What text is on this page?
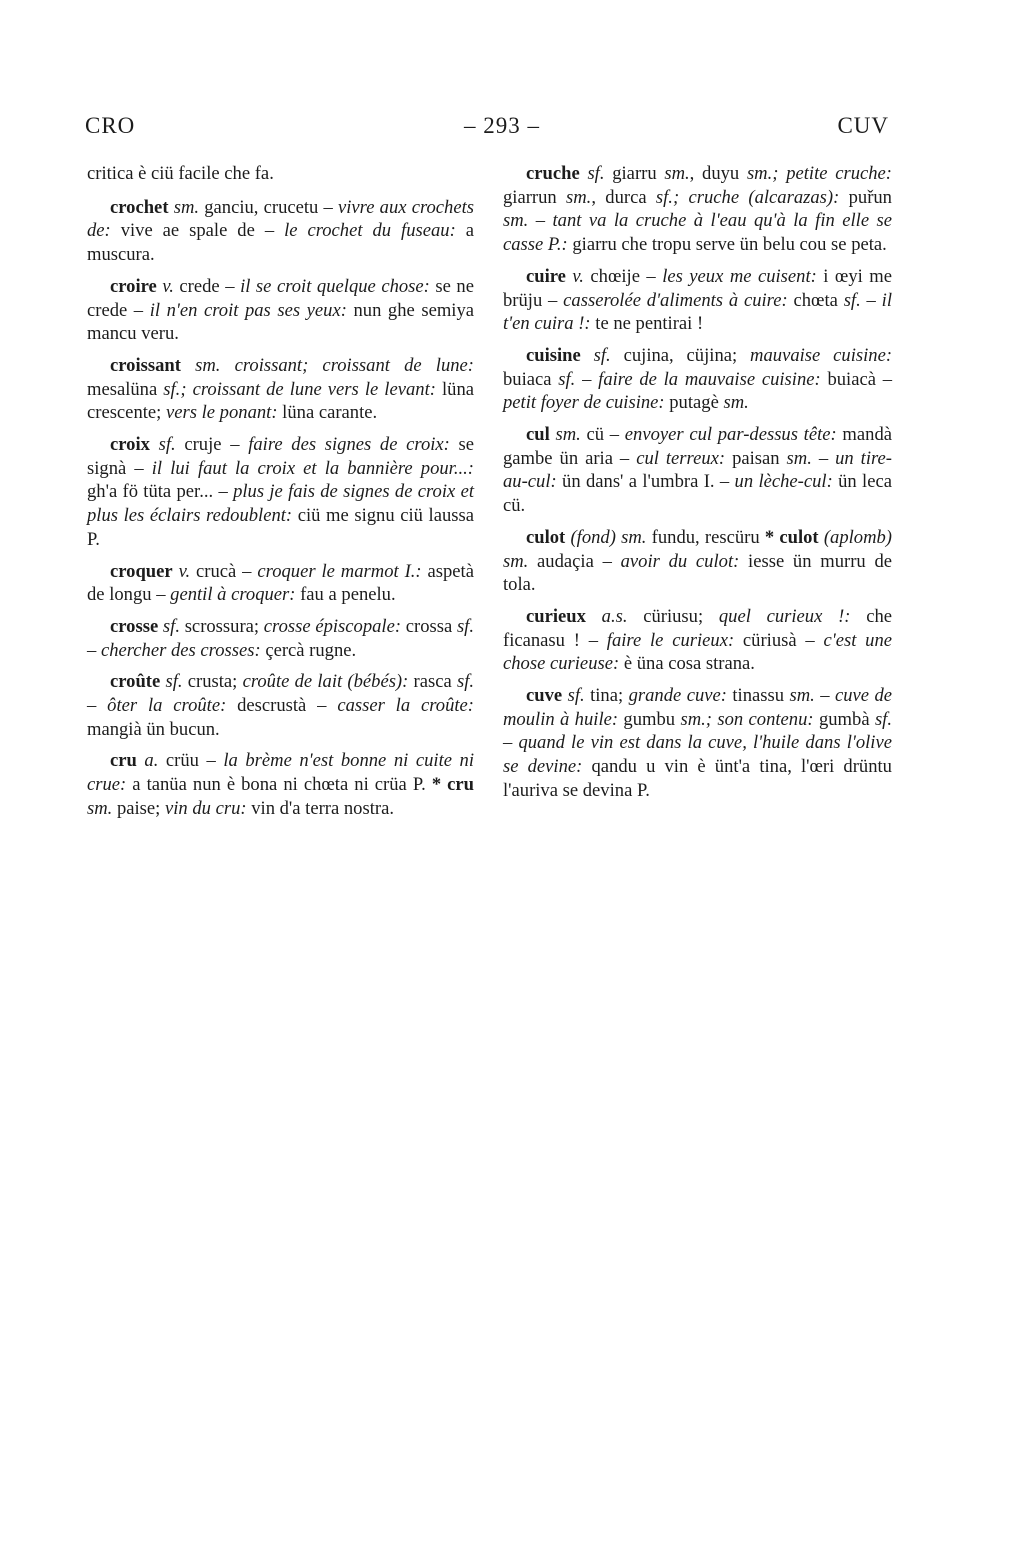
CRO	– 293 –	CUV

critica è ciü facile che fa.

crochet sm. ganciu, crucetu – vivre aux crochets de: vive ae spale de – le crochet du fuseau: a muscura.

croire v. crede – il se croit quelque chose: se ne crede – il n'en croit pas ses yeux: nun ghe semiya mancu veru.

croissant sm. croissant; croissant de lune: mesalüna sf.; croissant de lune vers le levant: lüna crescente; vers le ponant: lüna carante.

croix sf. cruje – faire des signes de croix: se signà – il lui faut la croix et la bannière pour...: gh'a fö tüta per... – plus je fais de signes de croix et plus les éclairs redoublent: ciü me signu ciü laussa P.

croquer v. crucà – croquer le marmot I.: aspetà de longu – gentil à croquer: fau a penelu.

crosse sf. scrossura; crosse épiscopale: crossa sf. – chercher des crosses: çercà rugne.

croûte sf. crusta; croûte de lait (bébés): rasca sf. – ôter la croûte: descrustà – casser la croûte: mangià ün bucun.

cru a. crüu – la brème n'est bonne ni cuite ni crue: a tanüa nun è bona ni chœta ni crüa P. * cru sm. paise; vin du cru: vin d'a terra nostra.

cruche sf. giarru sm., duyu sm.; petite cruche: giarrun sm., durca sf.; cruche (alcarazas): puřun sm. – tant va la cruche à l'eau qu'à la fin elle se casse P.: giarru che tropu serve ün belu cou se peta.

cuire v. chœije – les yeux me cuisent: i œyi me brüju – casserolée d'aliments à cuire: chœta sf. – il t'en cuira !: te ne pentirai !

cuisine sf. cujina, cüjina; mauvaise cuisine: buiaca sf. – faire de la mauvaise cuisine: buiacà – petit foyer de cuisine: putagè sm.

cul sm. cü – envoyer cul par-dessus tête: mandà gambe ün aria – cul terreux: paisan sm. – un tire-au-cul: ün dans' a l'umbra I. – un lèche-cul: ün leca cü.

culot (fond) sm. fundu, rescüru * culot (aplomb) sm. audaçia – avoir du culot: iesse ün murru de tola.

curieux a.s. cüriusu; quel curieux !: che ficanasu ! – faire le curieux: cüriusà – c'est une chose curieuse: è üna cosa strana.

cuve sf. tina; grande cuve: tinassu sm. – cuve de moulin à huile: gumbu sm.; son contenu: gumbà sf. – quand le vin est dans la cuve, l'huile dans l'olive se devine: qandu u vin è ünt'a tina, l'œri drüntu l'auriva se devina P.
